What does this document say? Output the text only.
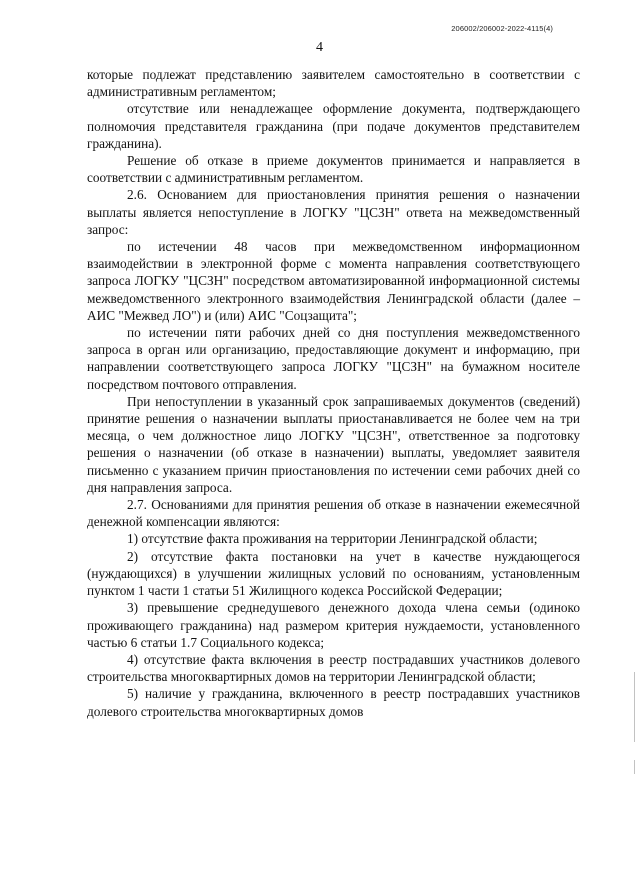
206002/206002-2022-4115(4)
4

которые подлежат представлению заявителем самостоятельно в соответствии с административным регламентом;

отсутствие или ненадлежащее оформление документа, подтверждающего полномочия представителя гражданина (при подаче документов представителем гражданина).

Решение об отказе в приеме документов принимается и направляется в соответствии с административным регламентом.

2.6. Основанием для приостановления принятия решения о назначении выплаты является непоступление в ЛОГКУ "ЦСЗН" ответа на межведомственный запрос:

по истечении 48 часов при межведомственном информационном взаимодействии в электронной форме с момента направления соответствующего запроса ЛОГКУ "ЦСЗН" посредством автоматизированной информационной системы межведомственного электронного взаимодействия Ленинградской области (далее – АИС "Межвед ЛО") и (или) АИС "Соцзащита";

по истечении пяти рабочих дней со дня поступления межведомственного запроса в орган или организацию, предоставляющие документ и информацию, при направлении соответствующего запроса ЛОГКУ "ЦСЗН" на бумажном носителе посредством почтового отправления.

При непоступлении в указанный срок запрашиваемых документов (сведений) принятие решения о назначении выплаты приостанавливается не более чем на три месяца, о чем должностное лицо ЛОГКУ "ЦСЗН", ответственное за подготовку решения о назначении (об отказе в назначении) выплаты, уведомляет заявителя письменно с указанием причин приостановления по истечении семи рабочих дней со дня направления запроса.

2.7. Основаниями для принятия решения об отказе в назначении ежемесячной денежной компенсации являются:

1) отсутствие факта проживания на территории Ленинградской области;

2) отсутствие факта постановки на учет в качестве нуждающегося (нуждающихся) в улучшении жилищных условий по основаниям, установленным пунктом 1 части 1 статьи 51 Жилищного кодекса Российской Федерации;

3) превышение среднедушевого денежного дохода члена семьи (одиноко проживающего гражданина) над размером критерия нуждаемости, установленного частью 6 статьи 1.7 Социального кодекса;

4) отсутствие факта включения в реестр пострадавших участников долевого строительства многоквартирных домов на территории Ленинградской области;

5) наличие у гражданина, включенного в реестр пострадавших участников долевого строительства многоквартирных домов
